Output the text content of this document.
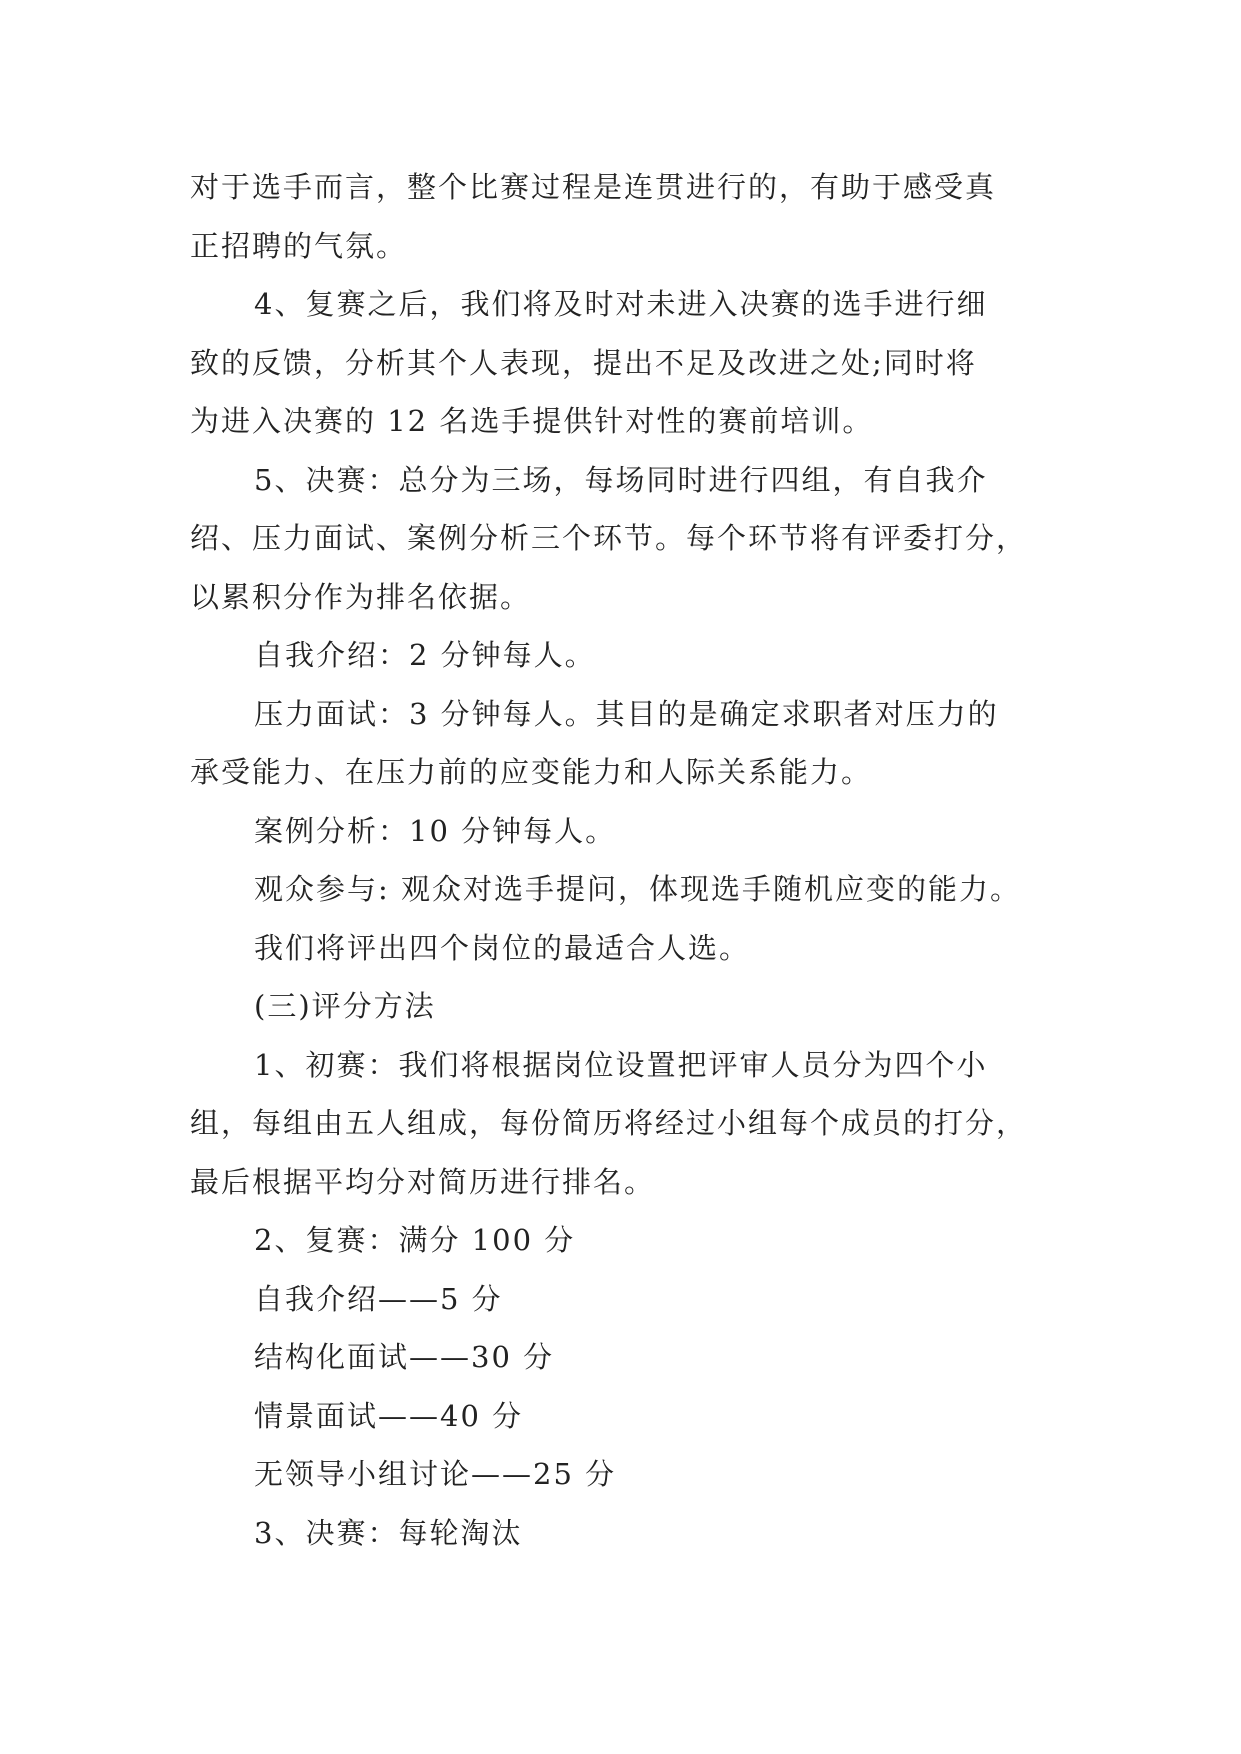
对于选手而言，整个比赛过程是连贯进行的，有助于感受真
正招聘的气氛。

4、复赛之后，我们将及时对未进入决赛的选手进行细
致的反馈，分析其个人表现，提出不足及改进之处;同时将
为进入决赛的 12 名选手提供针对性的赛前培训。

5、决赛：总分为三场，每场同时进行四组，有自我介
绍、压力面试、案例分析三个环节。每个环节将有评委打分，
以累积分作为排名依据。

自我介绍：2 分钟每人。

压力面试：3 分钟每人。其目的是确定求职者对压力的
承受能力、在压力前的应变能力和人际关系能力。

案例分析：10 分钟每人。

观众参与: 观众对选手提问，体现选手随机应变的能力。

我们将评出四个岗位的最适合人选。

(三)评分方法

1、初赛：我们将根据岗位设置把评审人员分为四个小
组，每组由五人组成，每份简历将经过小组每个成员的打分，
最后根据平均分对简历进行排名。

2、复赛：满分 100 分

自我介绍——5 分

结构化面试——30 分

情景面试——40 分

无领导小组讨论——25 分

3、决赛：每轮淘汰
